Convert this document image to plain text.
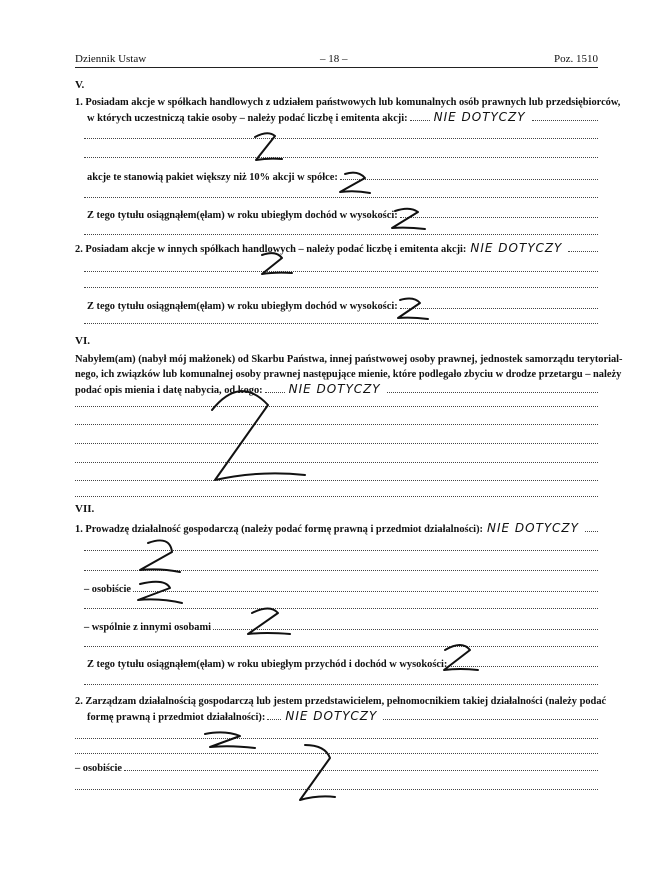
Dziennik Ustaw	– 18 –	Poz. 1510
V.
1. Posiadam akcje w spółkach handlowych z udziałem państwowych lub komunalnych osób prawnych lub przedsiębiorców,
w których uczestniczą takie osoby – należy podać liczbę i emitenta akcji:	NIE DOTYCZY
akcje te stanowią pakiet większy niż 10% akcji w spółce:
Z tego tytułu osiągnąłem(ęłam) w roku ubiegłym dochód w wysokości:
2. Posiadam akcje w innych spółkach handlowych – należy podać liczbę i emitenta akcji: NIE DOTYCZY
Z tego tytułu osiągnąłem(ęłam) w roku ubiegłym dochód w wysokości:
VI.
Nabyłem(am) (nabył mój małżonek) od Skarbu Państwa, innej państwowej osoby prawnej, jednostek samorządu terytorial-
nego, ich związków lub komunalnej osoby prawnej następujące mienie, które podlegało zbyciu w drodze przetargu – należy
podać opis mienia i datę nabycia, od kogo:	NIE DOTYCZY
VII.
1. Prowadzę działalność gospodarczą (należy podać formę prawną i przedmiot działalności): NIE DOTYCZY
– osobiście
– wspólnie z innymi osobami
Z tego tytułu osiągnąłem(ęłam) w roku ubiegłym przychód i dochód w wysokości:
2. Zarządzam działalnością gospodarczą lub jestem przedstawicielem, pełnomocnikiem takiej działalności (należy podać
formę prawną i przedmiot działalności):	NIE DOTYCZY
– osobiście
